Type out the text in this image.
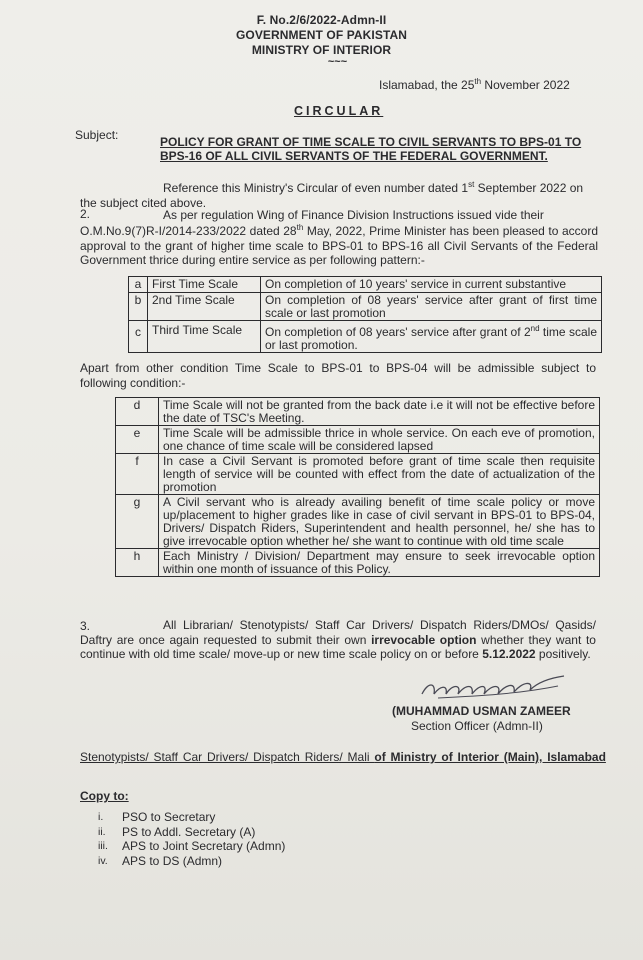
F. No.2/6/2022-Admn-II
GOVERNMENT OF PAKISTAN
MINISTRY OF INTERIOR
~~~
Islamabad, the 25th November 2022
CIRCULAR
Subject:	POLICY FOR GRANT OF TIME SCALE TO CIVIL SERVANTS TO BPS-01 TO BPS-16 OF ALL CIVIL SERVANTS OF THE FEDERAL GOVERNMENT.

Reference this Ministry's Circular of even number dated 1st September 2022 on the subject cited above.

2.	As per regulation Wing of Finance Division Instructions issued vide their

O.M.No.9(7)R-I/2014-233/2022 dated 28th May, 2022, Prime Minister has been pleased to accord approval to the grant of higher time scale to BPS-01 to BPS-16 all Civil Servants of the Federal Government thrice during entire service as per following pattern:-

a	First Time Scale	On completion of 10 years' service in current substantive
b	2nd Time Scale	On completion of 08 years' service after grant of first time scale or last promotion
c	Third Time Scale	On completion of 08 years' service after grant of 2nd time scale or last promotion.

Apart from other condition Time Scale to BPS-01 to BPS-04 will be admissible subject to following condition:-

d	Time Scale will not be granted from the back date i.e it will not be effective before the date of TSC's Meeting.
e	Time Scale will be admissible thrice in whole service. On each eve of promotion, one chance of time scale will be considered lapsed
f	In case a Civil Servant is promoted before grant of time scale then requisite length of service will be counted with effect from the date of actualization of the promotion
g	A Civil servant who is already availing benefit of time scale policy or move up/placement to higher grades like in case of civil servant in BPS-01 to BPS-04, Drivers/ Dispatch Riders, Superintendent and health personnel, he/ she has to give irrevocable option whether he/ she want to continue with old time scale
h	Each Ministry / Division/ Department may ensure to seek irrevocable option within one month of issuance of this Policy.
3.	All Librarian/ Stenotypists/ Staff Car Drivers/ Dispatch Riders/DMOs/ Qasids/ Daftry are once again requested to submit their own irrevocable option whether they want to continue with old time scale/ move-up or new time scale policy on or before 5.12.2022 positively.

(MUHAMMAD USMAN ZAMEER
Section Officer (Admn-II)

Stenotypists/ Staff Car Drivers/ Dispatch Riders/ Mali of Ministry of Interior (Main), Islamabad

Copy to:
i.	PSO to Secretary
ii.	PS to Addl. Secretary (A)
iii.	APS to Joint Secretary (Admn)
iv.	APS to DS (Admn)
